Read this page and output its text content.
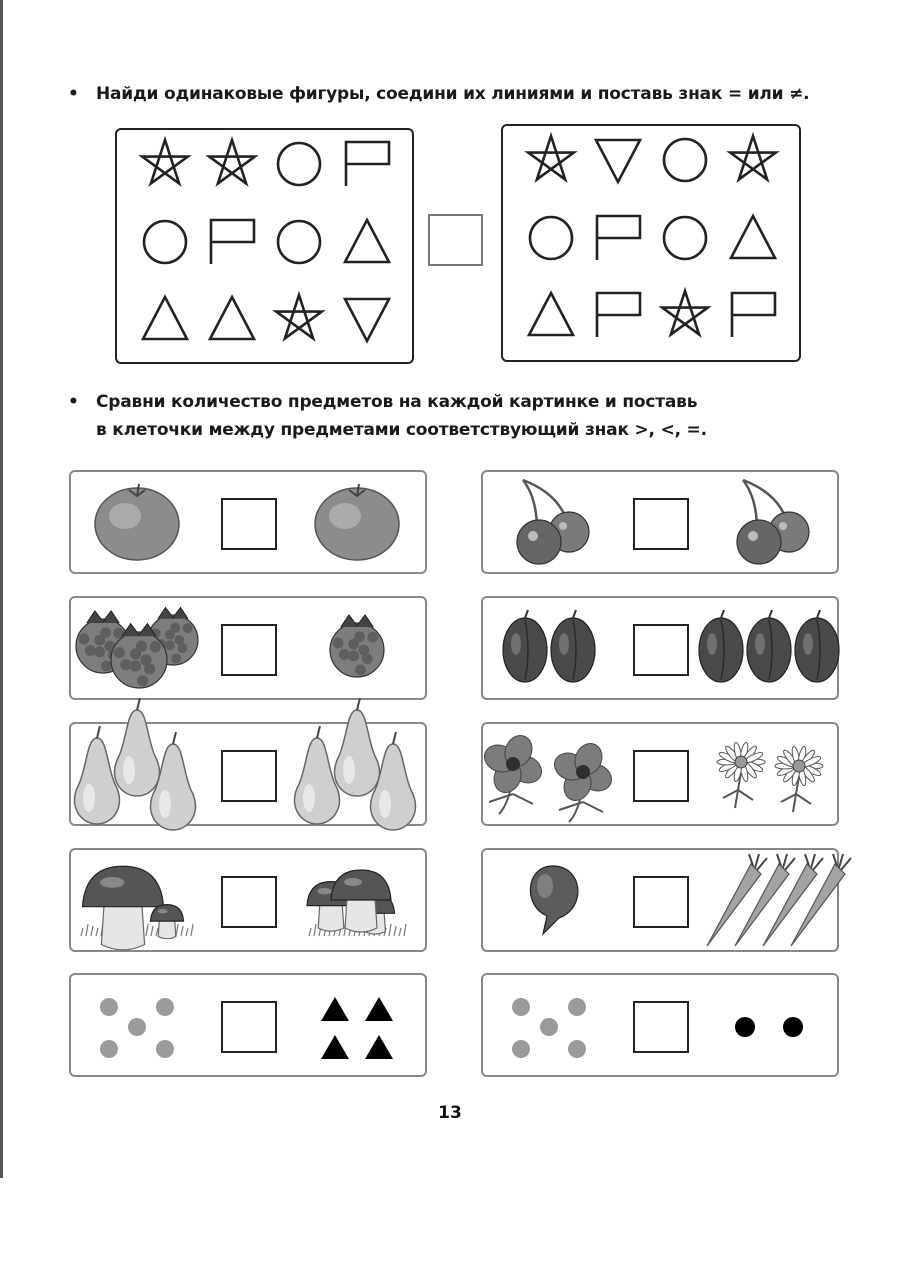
• Найди одинаковые фигуры, соедини их линиями и поставь знак = или ≠.
• Сравни количество предметов на каждой картинке и поставь
в клеточки между предметами соответствующий знак >, <, =.
13
